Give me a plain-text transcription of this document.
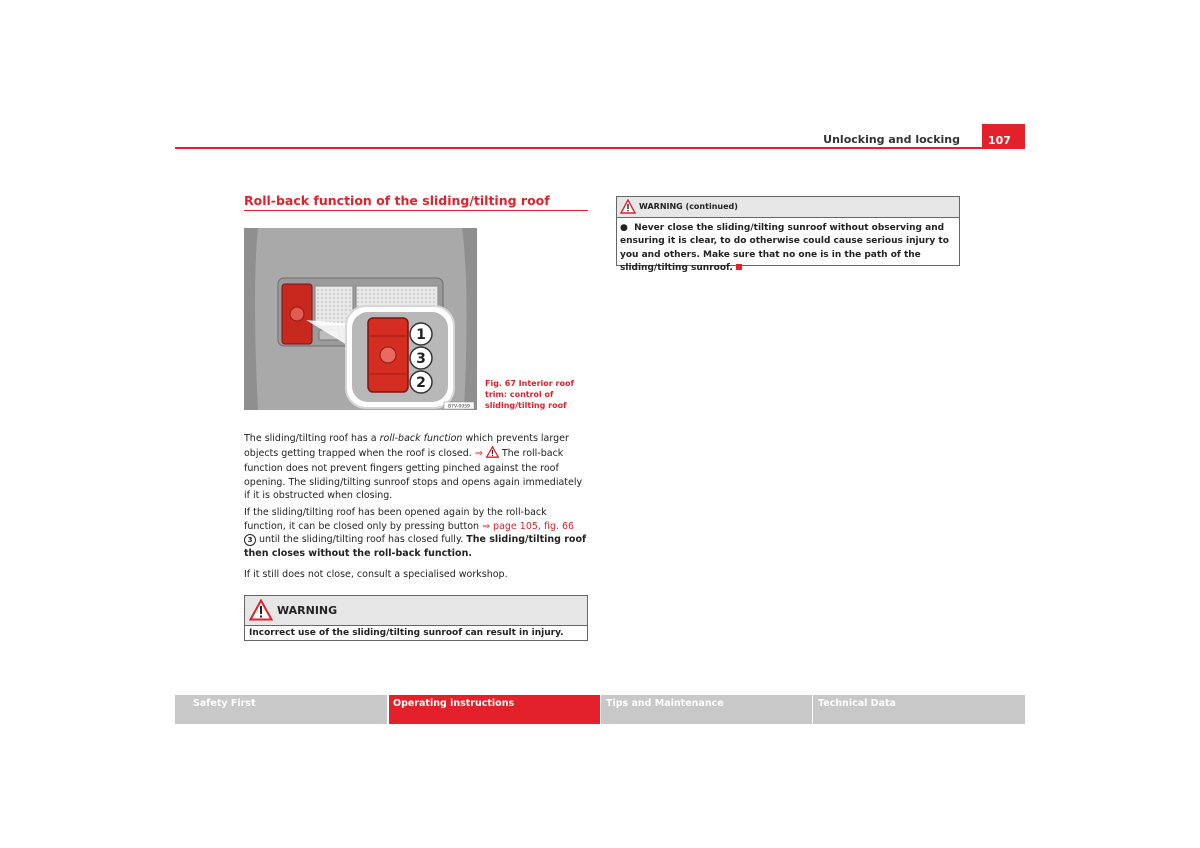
Unlocking and locking	107
Roll-back function of the sliding/tilting roof
1
3
2
B7V-0059
Fig. 67 Interior roof trim: control of sliding/tilting roof
The sliding/tilting roof has a roll-back function which prevents larger objects getting trapped when the roof is closed. ⇒  The roll-back function does not prevent fingers getting pinched against the roof opening. The sliding/tilting sunroof stops and opens again immediately if it is obstructed when closing.
If the sliding/tilting roof has been opened again by the roll-back function, it can be closed only by pressing button ⇒ page 105, fig. 66 3 until the sliding/tilting roof has closed fully. The sliding/tilting roof then closes without the roll-back function.
If it still does not close, consult a specialised workshop.
WARNING
Incorrect use of the sliding/tilting sunroof can result in injury.
WARNING (continued)
● Never close the sliding/tilting sunroof without observing and ensuring it is clear, to do otherwise could cause serious injury to you and others. Make sure that no one is in the path of the sliding/tilting sunroof.
Safety First	Operating instructions	Tips and Maintenance	Technical Data
